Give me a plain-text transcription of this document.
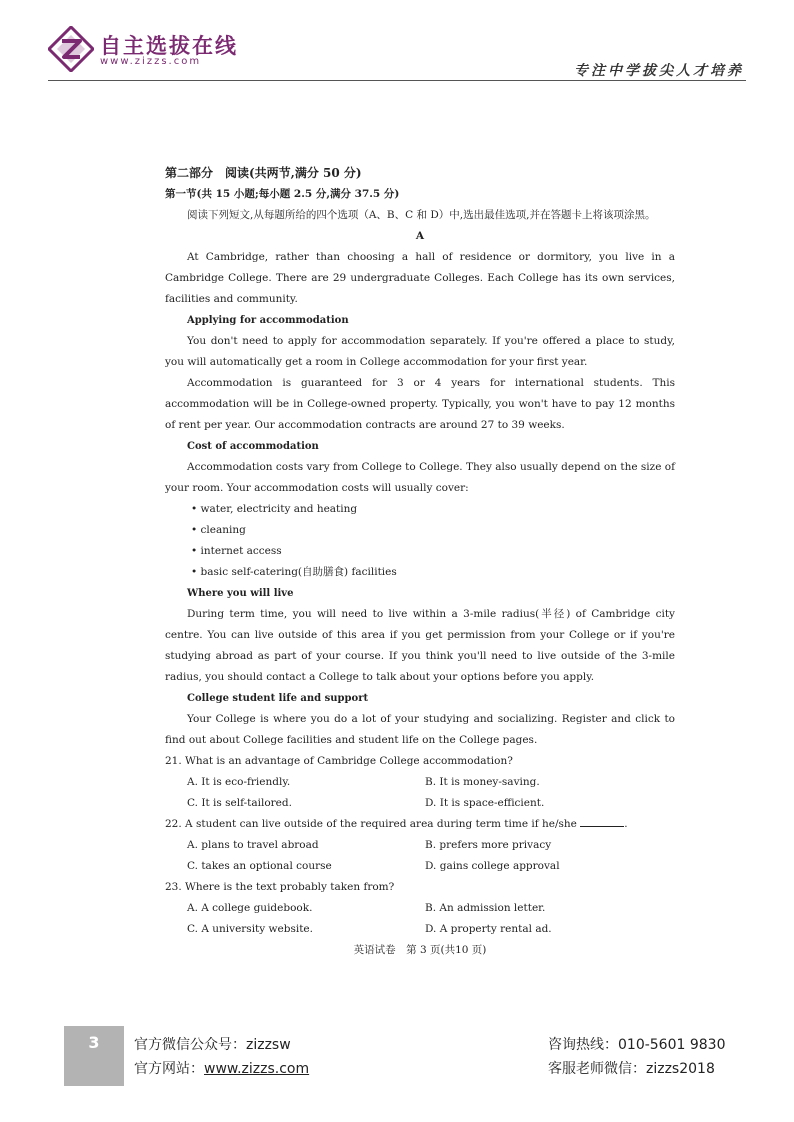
自主选拔在线
www.zizzs.com
专注中学拔尖人才培养

第二部分　阅读(共两节,满分 50 分)

第一节(共 15 小题;每小题 2.5 分,满分 37.5 分)

阅读下列短文,从每题所给的四个选项（A、B、C 和 D）中,选出最佳选项,并在答题卡上将该项涂黑。

A

At Cambridge, rather than choosing a hall of residence or dormitory, you live in a Cambridge College. There are 29 undergraduate Colleges. Each College has its own services, facilities and community.

Applying for accommodation

You don't need to apply for accommodation separately. If you're offered a place to study, you will automatically get a room in College accommodation for your first year.

Accommodation is guaranteed for 3 or 4 years for international students. This accommodation will be in College-owned property. Typically, you won't have to pay 12 months of rent per year. Our accommodation contracts are around 27 to 39 weeks.

Cost of accommodation

Accommodation costs vary from College to College. They also usually depend on the size of your room. Your accommodation costs will usually cover:

• water, electricity and heating

• cleaning

• internet access

• basic self-catering(自助膳食) facilities

Where you will live

During term time, you will need to live within a 3-mile radius(半径) of Cambridge city centre. You can live outside of this area if you get permission from your College or if you're studying abroad as part of your course. If you think you'll need to live outside of the 3-mile radius, you should contact a College to talk about your options before you apply.

College student life and support

Your College is where you do a lot of your studying and socializing. Register and click to find out about College facilities and student life on the College pages.

21. What is an advantage of Cambridge College accommodation?

A. It is eco-friendly.	B. It is money-saving.
C. It is self-tailored.	D. It is space-efficient.

22. A student can live outside of the required area during term time if he/she	.

A. plans to travel abroad	B. prefers more privacy
C. takes an optional course	D. gains college approval

23. Where is the text probably taken from?

A. A college guidebook.	B. An admission letter.
C. A university website.	D. A property rental ad.

英语试卷　第 3 页(共10 页)

3	官方微信公众号：zizzsw
官方网站：www.zizzs.com
咨询热线：010-5601 9830
客服老师微信：zizzs2018
